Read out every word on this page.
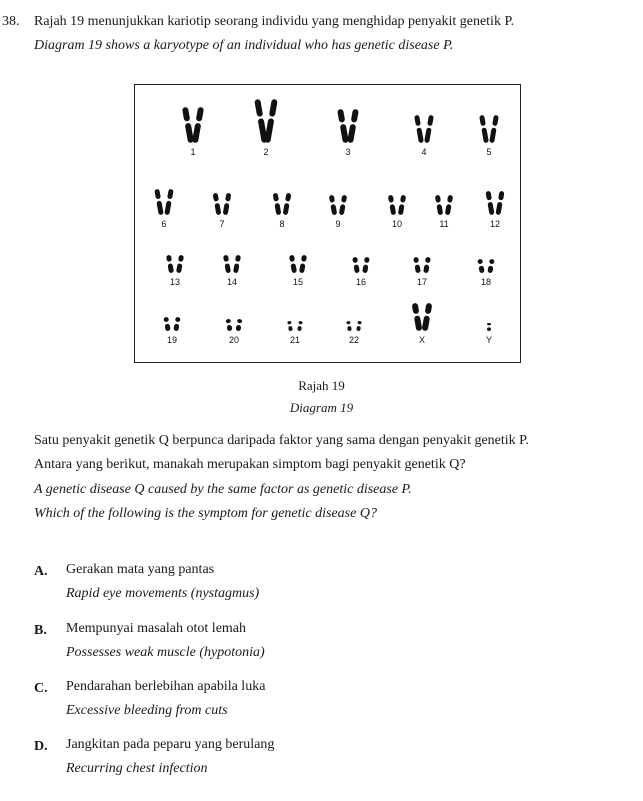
38. Rajah 19 menunjukkan kariotip seorang individu yang menghidap penyakit genetik P.
Diagram 19 shows a karyotype of an individual who has genetic disease P.
1	2	3	4	5
6	7	8	9	10	11	12
13	14	15	16	17	18
19	20	21	22	X	Y
Rajah 19
Diagram 19
Satu penyakit genetik Q berpunca daripada faktor yang sama dengan penyakit genetik P.
Antara yang berikut, manakah merupakan simptom bagi penyakit genetik Q?
A genetic disease Q caused by the same factor as genetic disease P.
Which of the following is the symptom for genetic disease Q?
A. Gerakan mata yang pantas
Rapid eye movements (nystagmus)
B. Mempunyai masalah otot lemah
Possesses weak muscle (hypotonia)
C. Pendarahan berlebihan apabila luka
Excessive bleeding from cuts
D. Jangkitan pada peparu yang berulang
Recurring chest infection
